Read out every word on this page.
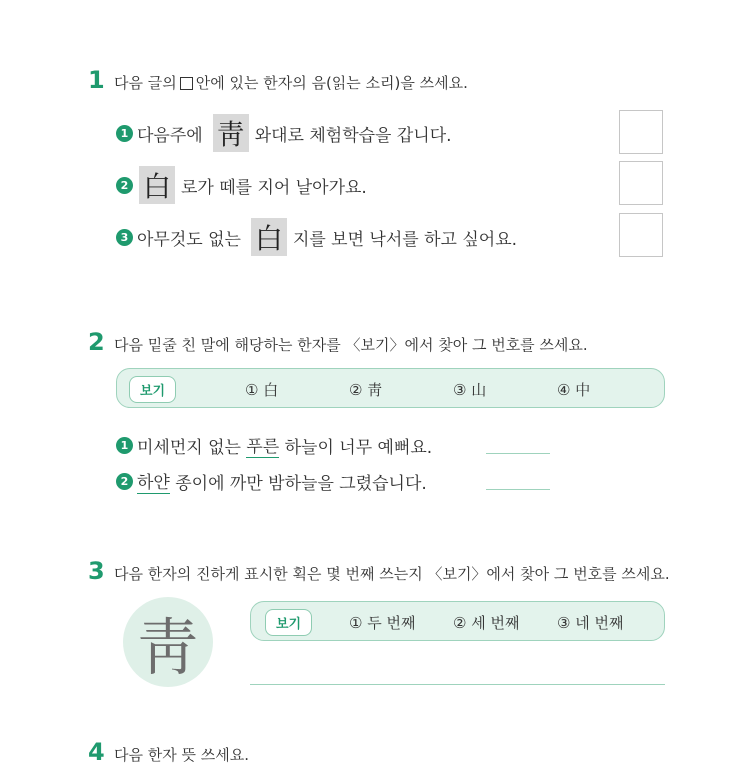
1 다음 글의 안에 있는 한자의 음(읽는 소리)을 쓰세요.
1 다음주에 靑 와대로 체험학습을 갑니다.
2 白 로가 떼를 지어 날아가요.
3 아무것도 없는 白 지를 보면 낙서를 하고 싶어요.
2 다음 밑줄 친 말에 해당하는 한자를 〈보기〉에서 찾아 그 번호를 쓰세요.
보기	① 白	② 靑	③ 山	④ 中
1 미세먼지 없는 푸른 하늘이 너무 예뻐요.
2 하얀 종이에 까만 밤하늘을 그렸습니다.
3 다음 한자의 진하게 표시한 획은 몇 번째 쓰는지 〈보기〉에서 찾아 그 번호를 쓰세요.
靑	보기	① 두 번째	② 세 번째	③ 네 번째
4 다음 한자 뜻 쓰세요.
